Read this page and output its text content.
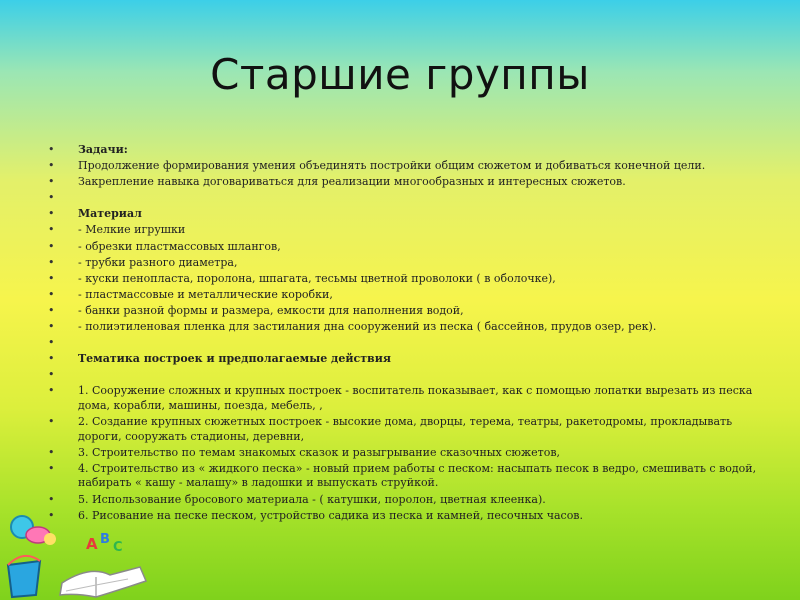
Старшие группы
•	Задачи:
•	Продолжение формирования умения объединять постройки общим сюжетом и добиваться конечной цели.
•	Закрепление навыка договариваться для реализации многообразных и интересных сюжетов.
•
•	Материал
•	- Мелкие игрушки
•	- обрезки пластмассовых шлангов,
•	- трубки разного диаметра,
•	- куски пенопласта, поролона, шпагата, тесьмы цветной проволоки ( в оболочке),
•	- пластмассовые и металлические коробки,
•	- банки разной формы и размера, емкости для наполнения водой,
•	- полиэтиленовая пленка для застилания дна сооружений из песка ( бассейнов, прудов озер, рек).
•
•	Тематика построек и предполагаемые действия
•
•	1. Сооружение сложных и крупных построек - воспитатель показывает, как с помощью лопатки вырезать из песка дома, корабли, машины, поезда, мебель, ,
•	2. Создание крупных сюжетных построек - высокие дома, дворцы, терема, театры, ракетодромы, прокладывать дороги, сооружать стадионы, деревни,
•	3. Строительство по темам знакомых сказок и разыгрывание сказочных сюжетов,
•	4. Строительство из « жидкого песка» - новый прием работы с песком: насыпать песок в ведро, смешивать с водой, набирать « кашу - малашу» в ладошки и выпускать струйкой.
•	5. Использование бросового материала - ( катушки, поролон, цветная клеенка).
•	6. Рисование на песке песком, устройство садика из песка и камней, песочных часов.
A B
C
